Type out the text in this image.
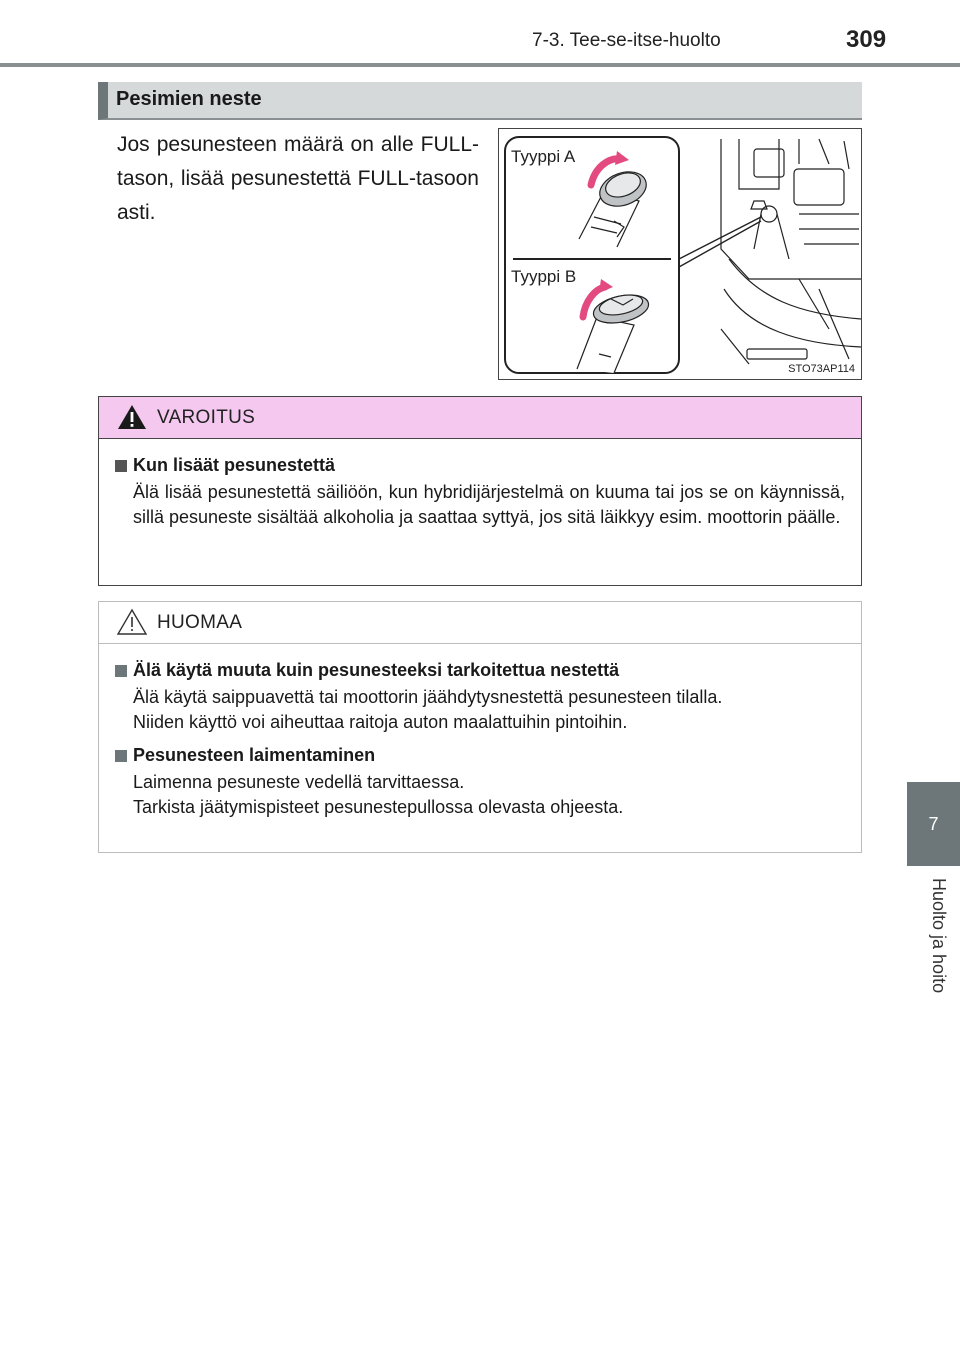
7-3. Tee-se-itse-huolto	309
7
Huolto ja hoito
Pesimien neste
Jos pesunesteen määrä on alle FULL-tason, lisää pesunestettä FULL-tasoon asti.
Tyyppi A
Tyyppi B
STO73AP114
VAROITUS
Kun lisäät pesunestettä
Älä lisää pesunestettä säiliöön, kun hybridijärjestelmä on kuuma tai jos se on käynnissä, sillä pesuneste sisältää alkoholia ja saattaa syttyä, jos sitä läikkyy esim. moottorin päälle.
HUOMAA
Älä käytä muuta kuin pesunesteeksi tarkoitettua nestettä
Älä käytä saippuavettä tai moottorin jäähdytysnestettä pesunesteen tilalla.
Niiden käyttö voi aiheuttaa raitoja auton maalattuihin pintoihin.
Pesunesteen laimentaminen
Laimenna pesuneste vedellä tarvittaessa.
Tarkista jäätymispisteet pesunestepullossa olevasta ohjeesta.
